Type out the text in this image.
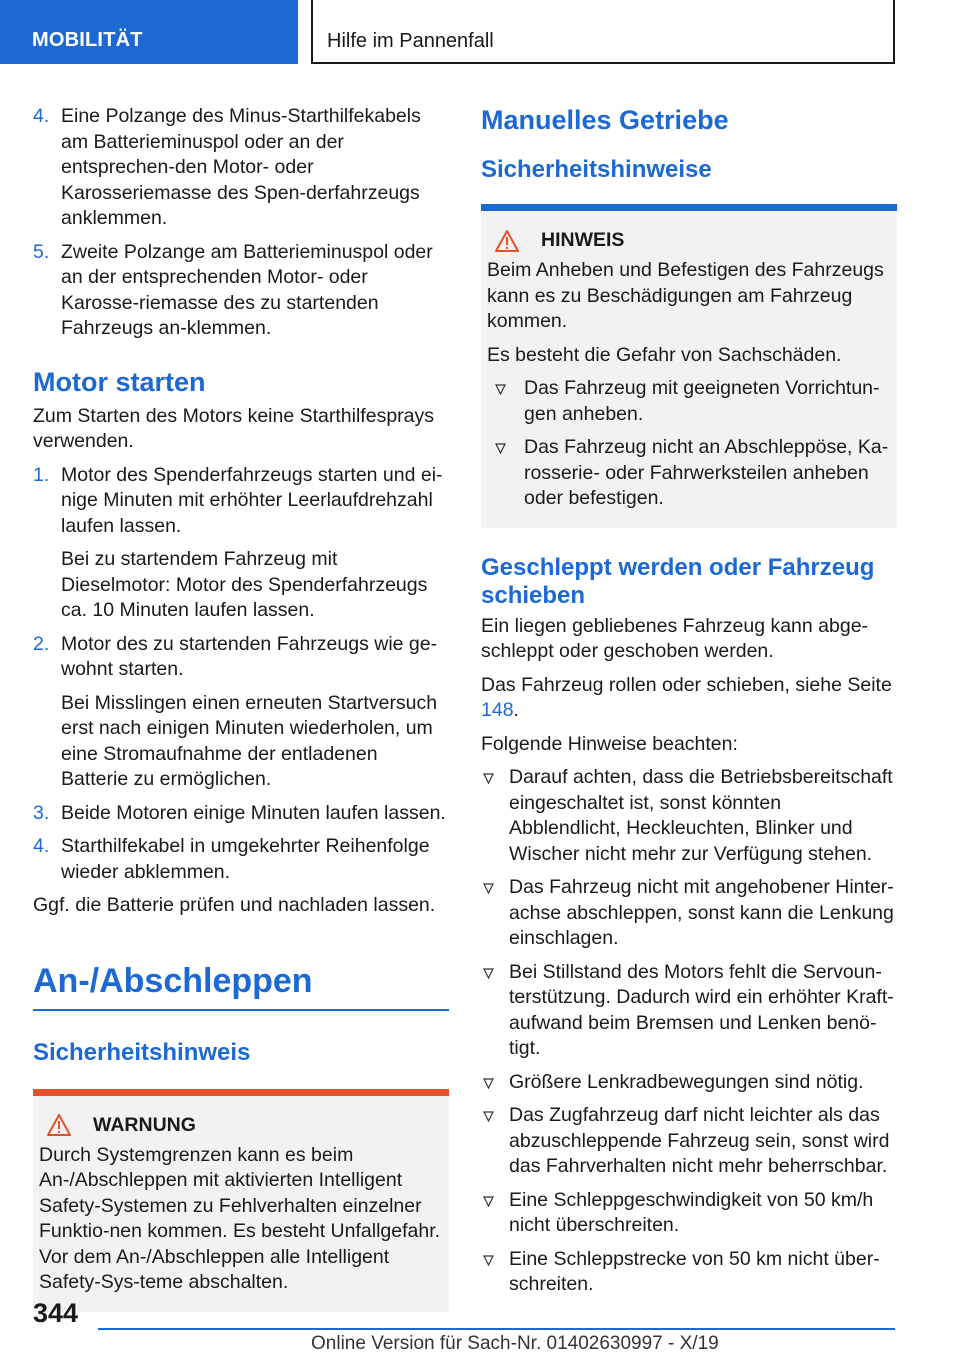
MOBILITÄT	Hilfe im Pannenfall
4. Eine Polzange des Minus-Starthilfekabels am Batterieminuspol oder an der entsprechen-den Motor- oder Karosseriemasse des Spen-derfahrzeugs anklemmen.
5. Zweite Polzange am Batterieminuspol oder an der entsprechenden Motor- oder Karosse-riemasse des zu startenden Fahrzeugs an-klemmen.
Motor starten

Zum Starten des Motors keine Starthilfesprays verwenden.

1. Motor des Spenderfahrzeugs starten und ei-nige Minuten mit erhöhter Leerlaufdrehzahl laufen lassen.
Bei zu startendem Fahrzeug mit Dieselmotor: Motor des Spenderfahrzeugs ca. 10 Minuten laufen lassen.
2. Motor des zu startenden Fahrzeugs wie ge-wohnt starten.
Bei Misslingen einen erneuten Startversuch erst nach einigen Minuten wiederholen, um eine Stromaufnahme der entladenen Batterie zu ermöglichen.
3. Beide Motoren einige Minuten laufen lassen.
4. Starthilfekabel in umgekehrter Reihenfolge wieder abklemmen.

Ggf. die Batterie prüfen und nachladen lassen.

An-/Abschleppen
Sicherheitshinweis
WARNUNG

Durch Systemgrenzen kann es beim An-/Abschleppen mit aktivierten Intelligent Safety-Systemen zu Fehlverhalten einzelner Funktio-nen kommen. Es besteht Unfallgefahr. Vor dem An-/Abschleppen alle Intelligent Safety-Sys-teme abschalten.

Manuelles Getriebe
Sicherheitshinweise
HINWEIS

Beim Anheben und Befestigen des Fahrzeugs kann es zu Beschädigungen am Fahrzeug kommen.

Es besteht die Gefahr von Sachschäden.

Das Fahrzeug mit geeigneten Vorrichtun-gen anheben.
Das Fahrzeug nicht an Abschleppöse, Ka-rosserie- oder Fahrwerksteilen anheben oder befestigen.
Geschleppt werden oder Fahrzeug schieben

Ein liegen gebliebenes Fahrzeug kann abge-schleppt oder geschoben werden.

Das Fahrzeug rollen oder schieben, siehe Seite 148.

Folgende Hinweise beachten:

Darauf achten, dass die Betriebsbereitschaft eingeschaltet ist, sonst könnten Abblendlicht, Heckleuchten, Blinker und Wischer nicht mehr zur Verfügung stehen.
Das Fahrzeug nicht mit angehobener Hinter-achse abschleppen, sonst kann die Lenkung einschlagen.
Bei Stillstand des Motors fehlt die Servoun-terstützung. Dadurch wird ein erhöhter Kraft-aufwand beim Bremsen und Lenken benö-tigt.
Größere Lenkradbewegungen sind nötig.
Das Zugfahrzeug darf nicht leichter als das abzuschleppende Fahrzeug sein, sonst wird das Fahrverhalten nicht mehr beherrschbar.
Eine Schleppgeschwindigkeit von 50 km/h nicht überschreiten.
Eine Schleppstrecke von 50 km nicht über-schreiten.
344
Online Version für Sach-Nr. 01402630997 - X/19
